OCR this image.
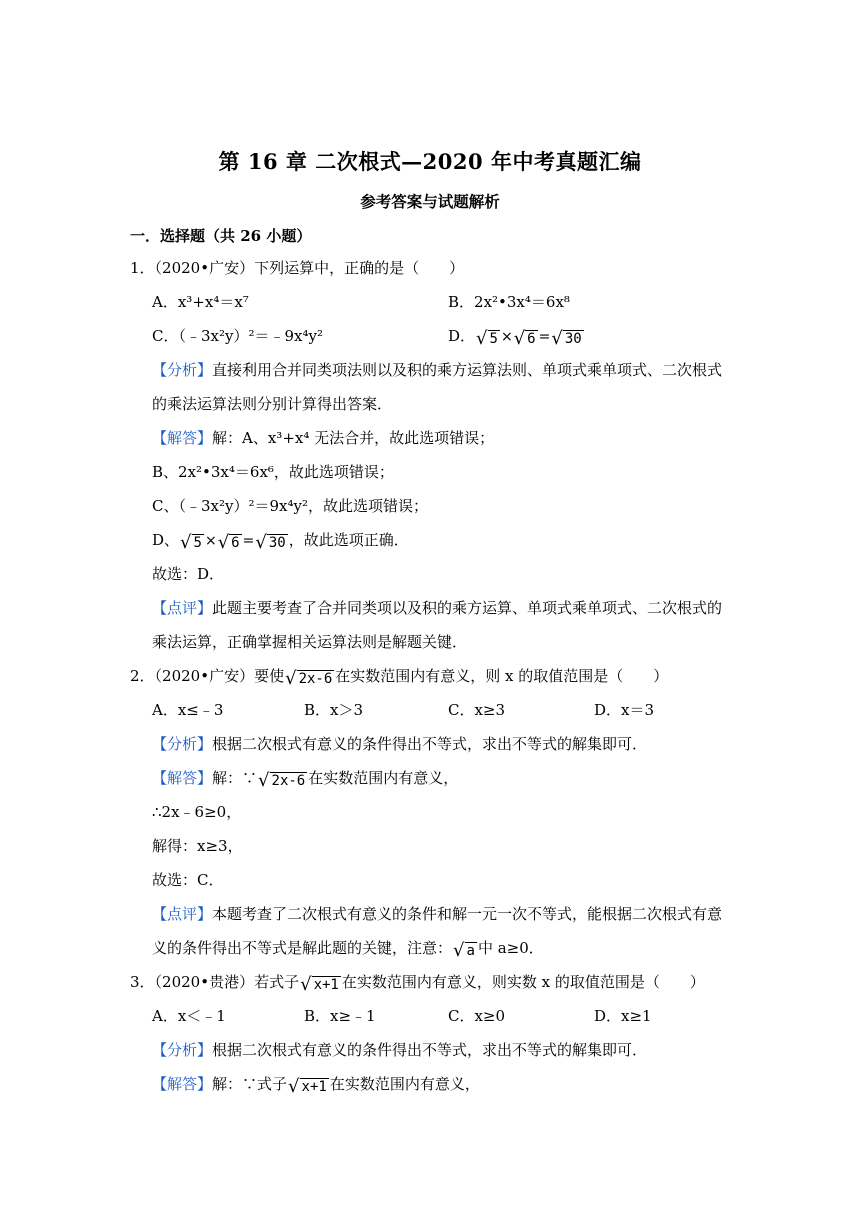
第 16 章 二次根式—2020 年中考真题汇编
参考答案与试题解析
一．选择题（共 26 小题）
1．（2020•广安）下列运算中，正确的是（　　）
A．x³+x⁴＝x⁷	B．2x²•3x⁴＝6x⁸
C．（﹣3x²y）²＝﹣9x⁴y²	D． √ 5 × √ 6 = √ 30
【分析】直接利用合并同类项法则以及积的乘方运算法则、单项式乘单项式、二次根式
的乘法运算法则分别计算得出答案．
【解答】解：A、x³+x⁴ 无法合并，故此选项错误；
B、2x²•3x⁴＝6x⁶，故此选项错误；
C、（﹣3x²y）²＝9x⁴y²，故此选项错误；
D、 √ 5 × √ 6 = √ 30 ，故此选项正确．
故选：D．
【点评】此题主要考查了合并同类项以及积的乘方运算、单项式乘单项式、二次根式的
乘法运算，正确掌握相关运算法则是解题关键．
2．（2020•广安）要使 √ 2x-6 在实数范围内有意义，则 x 的取值范围是（　　）
A．x≤﹣3	B．x＞3	C．x≥3	D．x＝3
【分析】根据二次根式有意义的条件得出不等式，求出不等式的解集即可．
【解答】解：∵ √ 2x-6 在实数范围内有意义，
∴2x﹣6≥0，
解得：x≥3，
故选：C．
【点评】本题考查了二次根式有意义的条件和解一元一次不等式，能根据二次根式有意
义的条件得出不等式是解此题的关键，注意： √ a 中 a≥0．
3．（2020•贵港）若式子 √ x+1 在实数范围内有意义，则实数 x 的取值范围是（　　）
A．x＜﹣1	B．x≥﹣1	C．x≥0	D．x≥1
【分析】根据二次根式有意义的条件得出不等式，求出不等式的解集即可．
【解答】解：∵式子 √ x+1 在实数范围内有意义，
